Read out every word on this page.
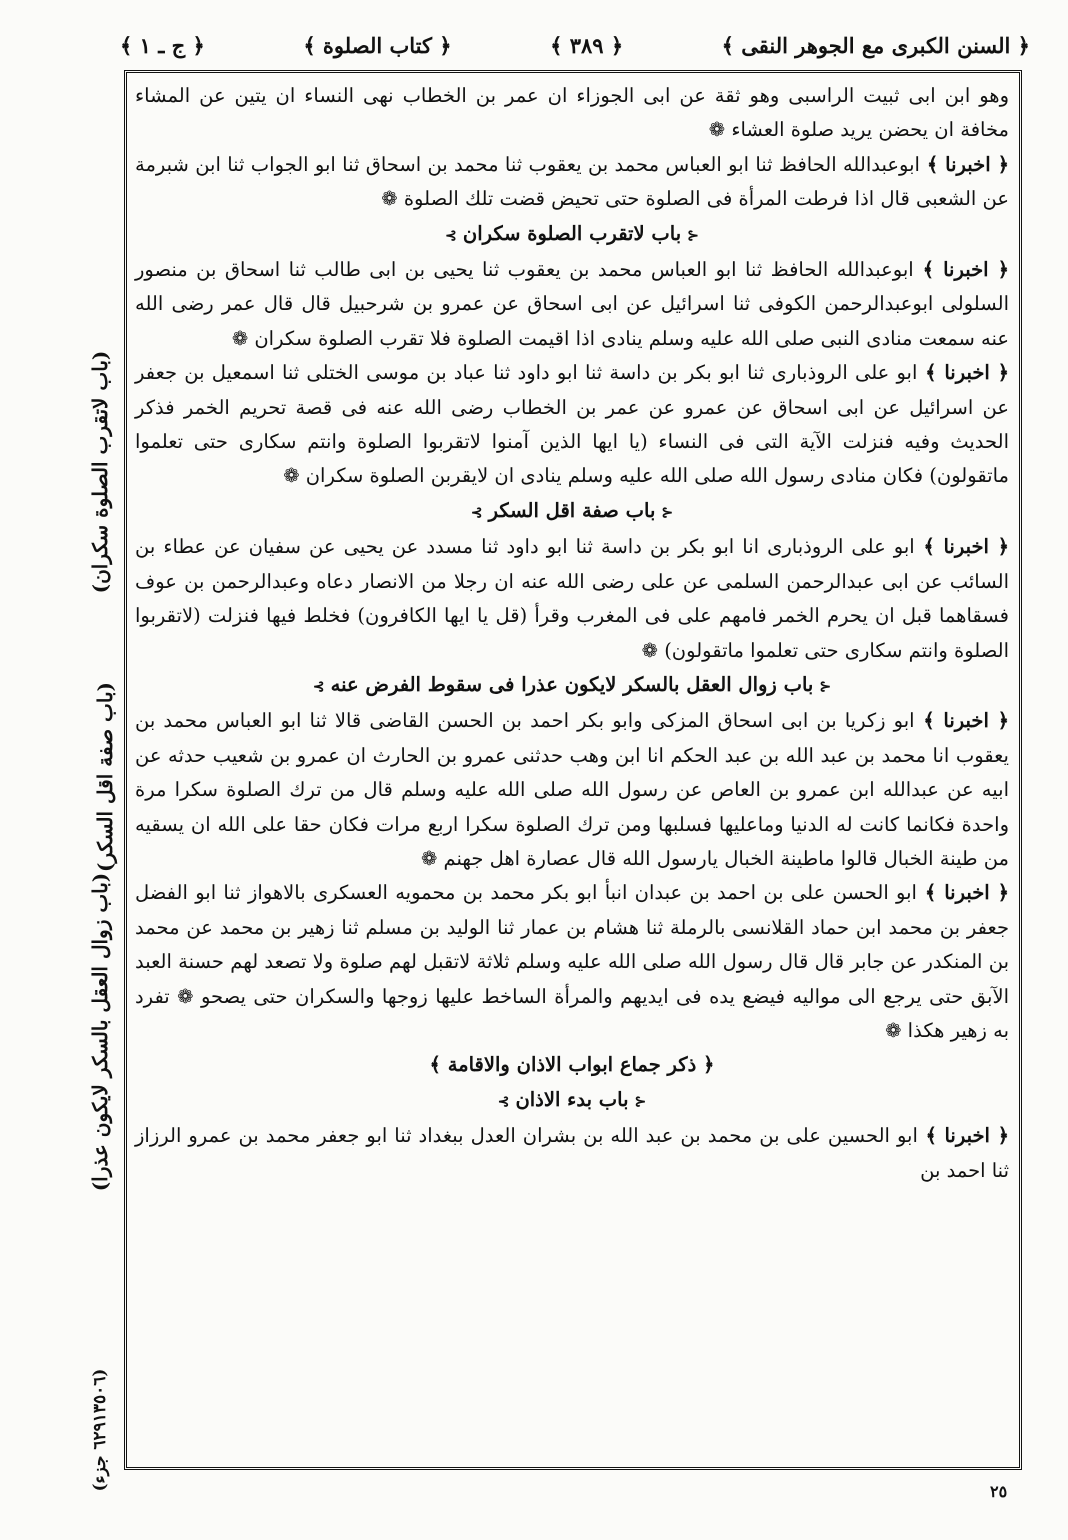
﴿ السنن الكبرى مع الجوهر النقى ﴾
﴿ ٣٨٩ ﴾
﴿ كتاب الصلوة ﴾
﴿ ج ـ ١ ﴾

وهو ابن ابى ثبيت الراسبى وهو ثقة عن ابى الجوزاء ان عمر بن الخطاب نهى النساء ان يتين عن المشاء مخافة ان يحضن يريد صلوة العشاء ❁

﴿ اخبرنا ﴾ ابوعبدالله الحافظ ثنا ابو العباس محمد بن يعقوب ثنا محمد بن اسحاق ثنا ابو الجواب ثنا ابن شبرمة عن الشعبى قال اذا فرطت المرأة فى الصلوة حتى تحيض قضت تلك الصلوة ❁

⊰باب لاتقرب الصلوة سكران⊱

﴿ اخبرنا ﴾ ابوعبدالله الحافظ ثنا ابو العباس محمد بن يعقوب ثنا يحيى بن ابى طالب ثنا اسحاق بن منصور السلولى ابوعبدالرحمن الكوفى ثنا اسرائيل عن ابى اسحاق عن عمرو بن شرحبيل قال قال عمر رضى الله عنه سمعت منادى النبى صلى الله عليه وسلم ينادى اذا اقيمت الصلوة فلا تقرب الصلوة سكران ❁

﴿ اخبرنا ﴾ ابو على الروذبارى ثنا ابو بكر بن داسة ثنا ابو داود ثنا عباد بن موسى الختلى ثنا اسمعيل بن جعفر عن اسرائيل عن ابى اسحاق عن عمرو عن عمر بن الخطاب رضى الله عنه فى قصة تحريم الخمر فذكر الحديث وفيه فنزلت الآية التى فى النساء (يا ايها الذين آمنوا لاتقربوا الصلوة وانتم سكارى حتى تعلموا ماتقولون) فكان منادى رسول الله صلى الله عليه وسلم ينادى ان لايقربن الصلوة سكران ❁

⊰باب صفة اقل السكر⊱

﴿ اخبرنا ﴾ ابو على الروذبارى انا ابو بكر بن داسة ثنا ابو داود ثنا مسدد عن يحيى عن سفيان عن عطاء بن السائب عن ابى عبدالرحمن السلمى عن على رضى الله عنه ان رجلا من الانصار دعاه وعبدالرحمن بن عوف فسقاهما قبل ان يحرم الخمر فامهم على فى المغرب وقرأ (قل يا ايها الكافرون) فخلط فيها فنزلت (لاتقربوا الصلوة وانتم سكارى حتى تعلموا ماتقولون) ❁

⊰باب زوال العقل بالسكر لايكون عذرا فى سقوط الفرض عنه⊱

﴿ اخبرنا ﴾ ابو زكريا بن ابى اسحاق المزكى وابو بكر احمد بن الحسن القاضى قالا ثنا ابو العباس محمد بن يعقوب انا محمد بن عبد الله بن عبد الحكم انا ابن وهب حدثنى عمرو بن الحارث ان عمرو بن شعيب حدثه عن ابيه عن عبدالله ابن عمرو بن العاص عن رسول الله صلى الله عليه وسلم قال من ترك الصلوة سكرا مرة واحدة فكانما كانت له الدنيا وماعليها فسلبها ومن ترك الصلوة سكرا اربع مرات فكان حقا على الله ان يسقيه من طينة الخبال قالوا ماطينة الخبال يارسول الله قال عصارة اهل جهنم ❁

﴿ اخبرنا ﴾ ابو الحسن على بن احمد بن عبدان انبأ ابو بكر محمد بن محمويه العسكرى بالاهواز ثنا ابو الفضل جعفر بن محمد ابن حماد القلانسى بالرملة ثنا هشام بن عمار ثنا الوليد بن مسلم ثنا زهير بن محمد عن محمد بن المنكدر عن جابر قال قال رسول الله صلى الله عليه وسلم ثلاثة لاتقبل لهم صلوة ولا تصعد لهم حسنة العبد الآبق حتى يرجع الى مواليه فيضع يده فى ايديهم والمرأة الساخط عليها زوجها والسكران حتى يصحو ❁ تفرد به زهير هكذا ❁

﴿ ذكر جماع ابواب الاذان والاقامة ﴾

⊰باب بدء الاذان⊱

﴿ اخبرنا ﴾ ابو الحسين على بن محمد بن عبد الله بن بشران العدل ببغداد ثنا ابو جعفر محمد بن عمرو الرزاز ثنا احمد بن

(باب لاتقرب الصلوة سكران)
(باب صفة اقل السكر)
(باب زوال العقل بالسكر لايكون عذرا)
(٦٢٩١٣٥٠٦ جزء)
٢٥
